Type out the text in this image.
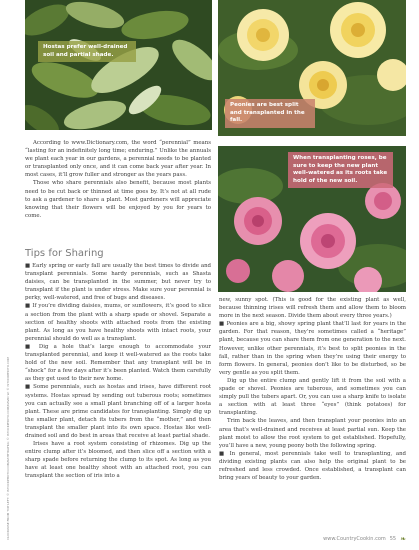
Hostas prefer well-drained soil and partial shade.
Peonies are best split and transplanted in the fall.
When transplanting roses, be sure to keep the new plant well-watered as its roots take hold of the new soil.

According to www.Dictionary.com, the word “perennial” means “lasting for an indefinitely long time; enduring.” Unlike the annuals we plant each year in our gardens, a perennial needs to be planted or transplanted only once, and it can come back year after year. In most cases, it’ll grow fuller and stronger as the years pass.

Those who share perennials also benefit, because most plants need to be cut back or thinned at time goes by. It’s not at all rude to ask a gardener to share a plant. Most gardeners will appreciate knowing that their flowers will be enjoyed by you for years to come.

Tips for Sharing

■ Early spring or early fall are usually the best times to divide and transplant perennials. Some hardy perennials, such as Shasta daisies, can be transplanted in the summer, but never try to transplant if the plant is under stress. Make sure your perennial is perky, well-watered, and free of bugs and diseases.

■ If you’re dividing daisies, mums, or sunflowers, it’s good to slice a section from the plant with a sharp spade or shovel. Separate a section of healthy shoots with attached roots from the existing plant. As long as you have healthy shoots with intact roots, your perennial should do well as a transplant.

■ Dig a hole that’s large enough to accommodate your transplanted perennial, and keep it well-watered as the roots take hold of the new soil. Remember that any transplant will be in “shock” for a few days after it’s been planted. Watch them carefully as they get used to their new home.

■ Some perennials, such as hostas and irises, have different root systems. Hostas spread by sending out tuberous roots; sometimes you can actually see a small plant branching off of a larger hosta plant. These are prime candidates for transplanting. Simply dig up the smaller plant, detach its tubers from the “mother,” and then transplant the smaller plant into its own space. Hostas like well-drained soil and do best in areas that receive at least partial shade.

Irises have a root system consisting of rhizomes. Dig up the entire clump after it’s bloomed, and then slice off a section with a sharp spade before returning the clump to its spot. As long as you have at least one healthy shoot with an attached root, you can transplant the section of iris into a

new, sunny spot. (This is good for the existing plant as well, because thinning irises will refresh them and allow them to bloom more in the next season. Divide them about every three years.)

■ Peonies are a big, showy spring plant that’ll last for years in the garden. For that reason, they’re sometimes called a “heritage” plant, because you can share them from one generation to the next. However, unlike other perennials, it’s best to split peonies in the fall, rather than in the spring when they’re using their energy to form flowers. In general, peonies don’t like to be disturbed, so be very gentle as you split them.

Dig up the entire clump and gently lift it from the soil with a spade or shovel. Peonies are tuberous, and sometimes you can simply pull the tubers apart. Or, you can use a sharp knife to isolate a section with at least three “eyes” (think potatoes) for transplanting.

Trim back the leaves, and then transplant your peonies into an area that’s well-drained and receives at least partial sun. Keep the plant moist to allow the root system to get established. Hopefully, you’ll have a new, young peony both the following spring.

■ In general, most perennials take well to transplanting, and dividing existing plants can also help the original plant to be refreshed and less crowded. Once established, a transplant can bring years of beauty to your garden.

CLOCKWISE FROM TOP LEFT: © ISTOCKPHOTO.COM/KATHYKAFKA; © ISTOCKPHOTO.COM/DAVID W; © ISTOCKPHOTO.COM	www.CountryCookin.com 55 ❧
